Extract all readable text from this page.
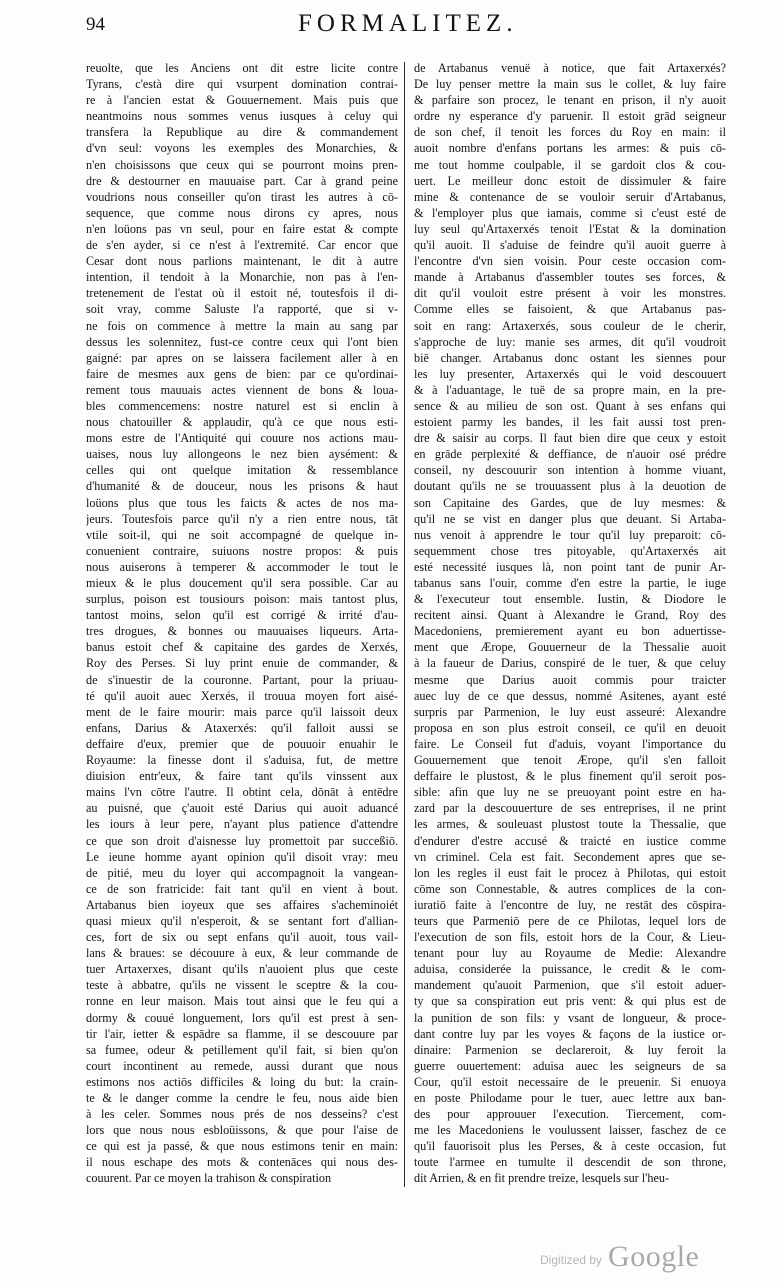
94	FORMALITEZ.
reuolte, que les Anciens ont dit estre licite contre
Tyrans, c'està dire qui vsurpent domination contrai-
re à l'ancien estat & Gouuernement. Mais puis que
neantmoins nous sommes venus iusques à celuy qui
transfera la Republique au dire & commandement
d'vn seul: voyons les exemples des Monarchies, &
n'en choisissons que ceux qui se pourront moins pren-
dre & destourner en mauuaise part. Car à grand peine
voudrions nous conseiller qu'on tirast les autres à cō-
sequence, que comme nous dirons cy apres, nous
n'en loüons pas vn seul, pour en faire estat & compte
de s'en ayder, si ce n'est à l'extremité. Car encor que
Cesar dont nous parlions maintenant, le dit à autre
intention, il tendoit à la Monarchie, non pas à l'en-
tretenement de l'estat où il estoit né, toutesfois il di-
soit vray, comme Saluste l'a rapporté, que si v-
ne fois on commence à mettre la main au sang par
dessus les solennitez, fust-ce contre ceux qui l'ont bien
gaigné: par apres on se laissera facilement aller à en
faire de mesmes aux gens de bien: par ce qu'ordinai-
rement tous mauuais actes viennent de bons & loua-
bles commencemens: nostre naturel est si enclin à
nous chatouiller & applaudir, qu'à ce que nous esti-
mons estre de l'Antiquité qui couure nos actions mau-
uaises, nous luy allongeons le nez bien aysément: &
celles qui ont quelque imitation & ressemblance
d'humanité & de douceur, nous les prisons & haut
loüons plus que tous les faicts & actes de nos ma-
jeurs. Toutesfois parce qu'il n'y a rien entre nous, tāt
vtile soit-il, qui ne soit accompagné de quelque in-
conuenient contraire, suiuons nostre propos: & puis
nous auiserons à temperer & accommoder le tout le
mieux & le plus doucement qu'il sera possible. Car au
surplus, poison est tousiours poison: mais tantost plus,
tantost moins, selon qu'il est corrigé & irrité d'au-
tres drogues, & bonnes ou mauuaises liqueurs. Arta-
banus estoit chef & capitaine des gardes de Xerxés,
Roy des Perses. Si luy print enuie de commander, &
de s'inuestir de la couronne. Partant, pour la priuau-
té qu'il auoit auec Xerxés, il trouua moyen fort aisé-
ment de le faire mourir: mais parce qu'il laissoit deux
enfans, Darius & Ataxerxés: qu'il falloit aussi se
deffaire d'eux, premier que de pouuoir enuahir le
Royaume: la finesse dont il s'aduisa, fut, de mettre
diuision entr'eux, & faire tant qu'ils vinssent aux
mains l'vn cōtre l'autre. Il obtint cela, dōnāt à entēdre
au puisné, que ç'auoit esté Darius qui auoit aduancé
les iours à leur pere, n'ayant plus patience d'attendre
ce que son droit d'aisnesse luy promettoit par succeßiō.
Le ieune homme ayant opinion qu'il disoit vray: meu
de pitié, meu du loyer qui accompagnoit la vangean-
ce de son fratricide: fait tant qu'il en vient à bout.
Artabanus bien ioyeux que ses affaires s'acheminoiét
quasi mieux qu'il n'esperoit, & se sentant fort d'allian-
ces, fort de six ou sept enfans qu'il auoit, tous vail-
lans & braues: se découure à eux, & leur commande de
tuer Artaxerxes, disant qu'ils n'auoient plus que ceste
teste à abbatre, qu'ils ne vissent le sceptre & la cou-
ronne en leur maison. Mais tout ainsi que le feu qui a
dormy & couué longuement, lors qu'il est prest à sen-
tir l'air, ietter & espādre sa flamme, il se descouure par
sa fumee, odeur & petillement qu'il fait, si bien qu'on
court incontinent au remede, aussi durant que nous
estimons nos actiōs difficiles & loing du but: la crain-
te & le danger comme la cendre le feu, nous aide bien
à les celer. Sommes nous prés de nos desseins? c'est
lors que nous nous esbloüissons, & que pour l'aise de
ce qui est ja passé, & que nous estimons tenir en main:
il nous eschape des mots & contenāces qui nous des-
couurent. Par ce moyen la trahison & conspiration
de Artabanus venuë à notice, que fait Artaxerxés?
De luy penser mettre la main sus le collet, & luy faire
& parfaire son procez, le tenant en prison, il n'y auoit
ordre ny esperance d'y paruenir. Il estoit grād seigneur
de son chef, il tenoit les forces du Roy en main: il
auoit nombre d'enfans portans les armes: & puis cō-
me tout homme coulpable, il se gardoit clos & cou-
uert. Le meilleur donc estoit de dissimuler & faire
mine & contenance de se vouloir seruir d'Artabanus,
& l'employer plus que iamais, comme si c'eust esté de
luy seul qu'Artaxerxés tenoit l'Estat & la domination
qu'il auoit. Il s'aduise de feindre qu'il auoit guerre à
l'encontre d'vn sien voisin. Pour ceste occasion com-
mande à Artabanus d'assembler toutes ses forces, &
dit qu'il vouloit estre présent à voir les monstres.
Comme elles se faisoient, & que Artabanus pas-
soit en rang: Artaxerxés, sous couleur de le cherir,
s'approche de luy: manie ses armes, dit qu'il voudroit
biē changer. Artabanus donc ostant les siennes pour
les luy presenter, Artaxerxés qui le void descouuert
& à l'aduantage, le tuë de sa propre main, en la pre-
sence & au milieu de son ost. Quant à ses enfans qui
estoient parmy les bandes, il les fait aussi tost pren-
dre & saisir au corps. Il faut bien dire que ceux y estoit
en grāde perplexité & deffiance, de n'auoir osé prédre
conseil, ny descouurir son intention à homme viuant,
doutant qu'ils ne se trouuassent plus à la deuotion de
son Capitaine des Gardes, que de luy mesmes: &
qu'il ne se vist en danger plus que deuant. Si Artaba-
nus venoit à apprendre le tour qu'il luy preparoit: cō-
sequemment chose tres pitoyable, qu'Artaxerxés ait
esté necessité iusques là, non point tant de punir Ar-
tabanus sans l'ouir, comme d'en estre la partie, le iuge
& l'executeur tout ensemble. Iustin, & Diodore le
recitent ainsi. Quant à Alexandre le Grand, Roy des
Macedoniens, premierement ayant eu bon aduertisse-
ment que Ærope, Gouuerneur de la Thessalie auoit
à la faueur de Darius, conspiré de le tuer, & que celuy
mesme que Darius auoit commis pour traicter
auec luy de ce que dessus, nommé Asitenes, ayant esté
surpris par Parmenion, le luy eust asseuré: Alexandre
proposa en son plus estroit conseil, ce qu'il en deuoit
faire. Le Conseil fut d'aduis, voyant l'importance du
Gouuernement que tenoit Ærope, qu'il s'en falloit
deffaire le plustost, & le plus finement qu'il seroit pos-
sible: afin que luy ne se preuoyant point estre en ha-
zard par la descouuerture de ses entreprises, il ne print
les armes, & souleuast plustost toute la Thessalie, que
d'endurer d'estre accusé & traicté en iustice comme
vn criminel. Cela est fait. Secondement apres que se-
lon les regles il eust fait le procez à Philotas, qui estoit
cōme son Connestable, & autres complices de la con-
iuratiō faite à l'encontre de luy, ne restāt des cōspira-
teurs que Parmeniō pere de ce Philotas, lequel lors de
l'execution de son fils, estoit hors de la Cour, & Lieu-
tenant pour luy au Royaume de Medie: Alexandre
aduisa, considerée la puissance, le credit & le com-
mandement qu'auoit Parmenion, que s'il estoit aduer-
ty que sa conspiration eut pris vent: & qui plus est de
la punition de son fils: y vsant de longueur, & proce-
dant contre luy par les voyes & façons de la iustice or-
dinaire: Parmenion se declareroit, & luy feroit la
guerre ouuertement: aduisa auec les seigneurs de sa
Cour, qu'il estoit necessaire de le preuenir. Si enuoya
en poste Philodame pour le tuer, auec lettre aux ban-
des pour approuuer l'execution. Tiercement, com-
me les Macedoniens le voulussent laisser, faschez de ce
qu'il fauorisoit plus les Perses, & à ceste occasion, fut
toute l'armee en tumulte il descendit de son throne,
dit Arrien, & en fit prendre treize, lesquels sur l'heu-
Digitized by Google
